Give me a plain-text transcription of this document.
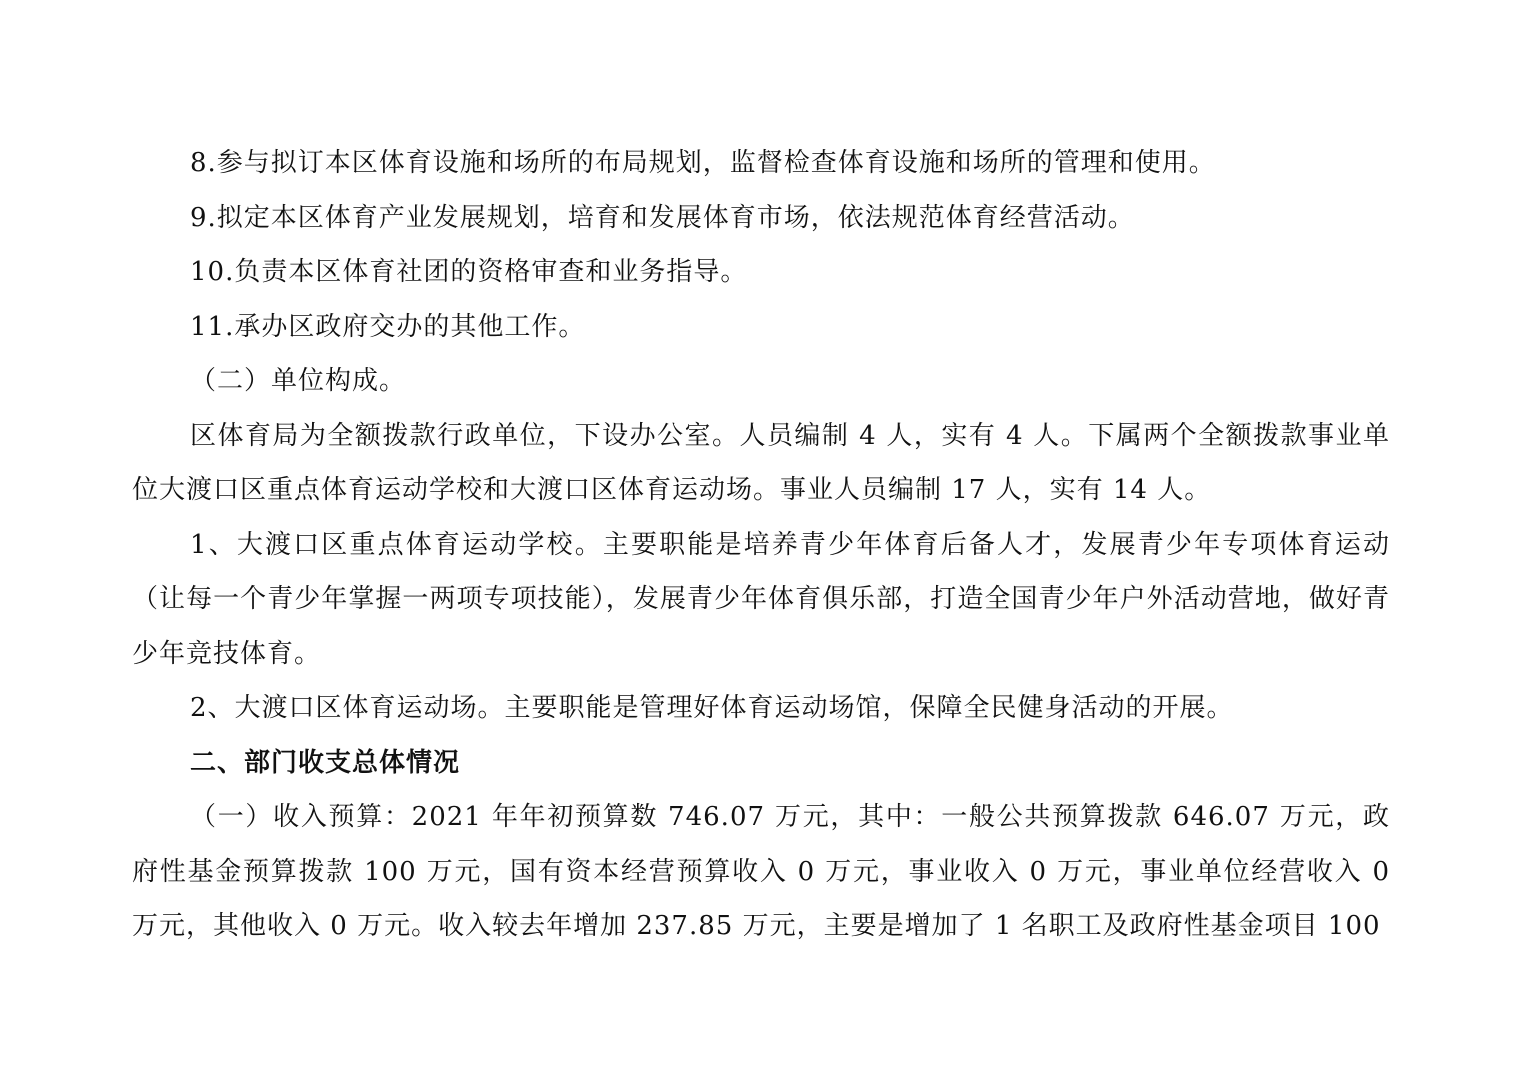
8.参与拟订本区体育设施和场所的布局规划，监督检查体育设施和场所的管理和使用。

9.拟定本区体育产业发展规划，培育和发展体育市场，依法规范体育经营活动。

10.负责本区体育社团的资格审查和业务指导。

11.承办区政府交办的其他工作。

（二）单位构成。

区体育局为全额拨款行政单位，下设办公室。人员编制 4 人，实有 4 人。下属两个全额拨款事业单位大渡口区重点体育运动学校和大渡口区体育运动场。事业人员编制 17 人，实有 14 人。

1、大渡口区重点体育运动学校。主要职能是培养青少年体育后备人才，发展青少年专项体育运动（让每一个青少年掌握一两项专项技能），发展青少年体育俱乐部，打造全国青少年户外活动营地，做好青少年竞技体育。

2、大渡口区体育运动场。主要职能是管理好体育运动场馆，保障全民健身活动的开展。

二、部门收支总体情况

（一）收入预算：2021 年年初预算数 746.07 万元，其中：一般公共预算拨款 646.07 万元，政府性基金预算拨款 100 万元，国有资本经营预算收入 0 万元，事业收入 0 万元，事业单位经营收入 0 万元，其他收入 0 万元。收入较去年增加 237.85 万元，主要是增加了 1 名职工及政府性基金项目 100
